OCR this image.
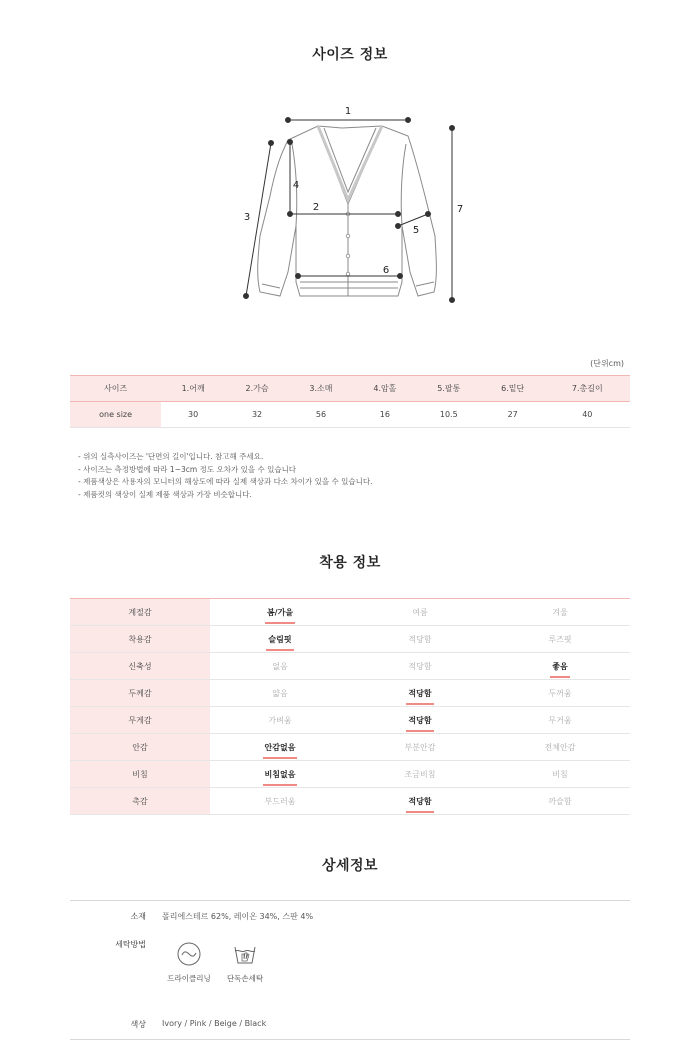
사이즈 정보
1
2
3
4
5
6
7
(단위cm)
사이즈	1.어깨	2.가슴	3.소매	4.암홀	5.팔통	6.밑단	7.총길이
one size	30	32	56	16	10.5	27	40
- 위의 실측사이즈는 '단면의 길이'입니다. 참고해 주세요.
- 사이즈는 측정방법에 따라 1~3cm 정도 오차가 있을 수 있습니다
- 제품색상은 사용자의 모니터의 해상도에 따라 실제 색상과 다소 차이가 있을 수 있습니다.
- 제품컷의 색상이 실제 제품 색상과 가장 비슷합니다.
착용 정보
계절감	봄/가을	여름	겨울
착용감	슬림핏	적당함	루즈핏
신축성	없음	적당함	좋음
두께감	얇음	적당함	두꺼움
무게감	가벼움	적당함	무거움
안감	안감없음	부분안감	전체안감
비침	비침없음	조금비침	비침
촉감	부드러움	적당함	까슬함
상세정보
소재 폴리에스테르 62%, 레이온 34%, 스판 4%
세탁방법
드라이클리닝	단독손세탁
색상 Ivory / Pink / Beige / Black
